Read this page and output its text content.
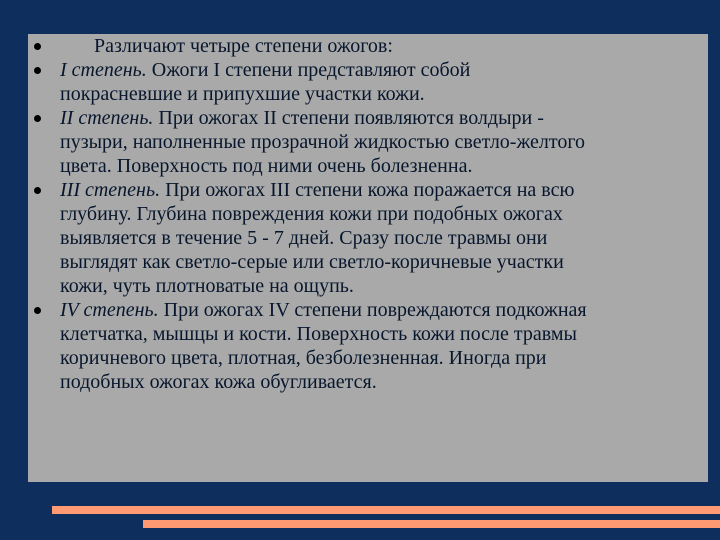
Различают четыре степени ожогов:
I степень. Ожоги I степени представляют собой
покрасневшие и припухшие участки кожи.
II степень. При ожогах II степени появляются волдыри -
пузыри, наполненные прозрачной жидкостью светло-желтого
цвета. Поверхность под ними очень болезненна.
III степень. При ожогах III степени кожа поражается на всю
глубину. Глубина повреждения кожи при подобных ожогах
выявляется в течение 5 - 7 дней. Сразу после травмы они
выглядят как светло-серые или светло-коричневые участки
кожи, чуть плотноватые на ощупь.
IV степень. При ожогах IV степени повреждаются подкожная
клетчатка, мышцы и кости. Поверхность кожи после травмы
коричневого цвета, плотная, безболезненная. Иногда при
подобных ожогах кожа обугливается.
